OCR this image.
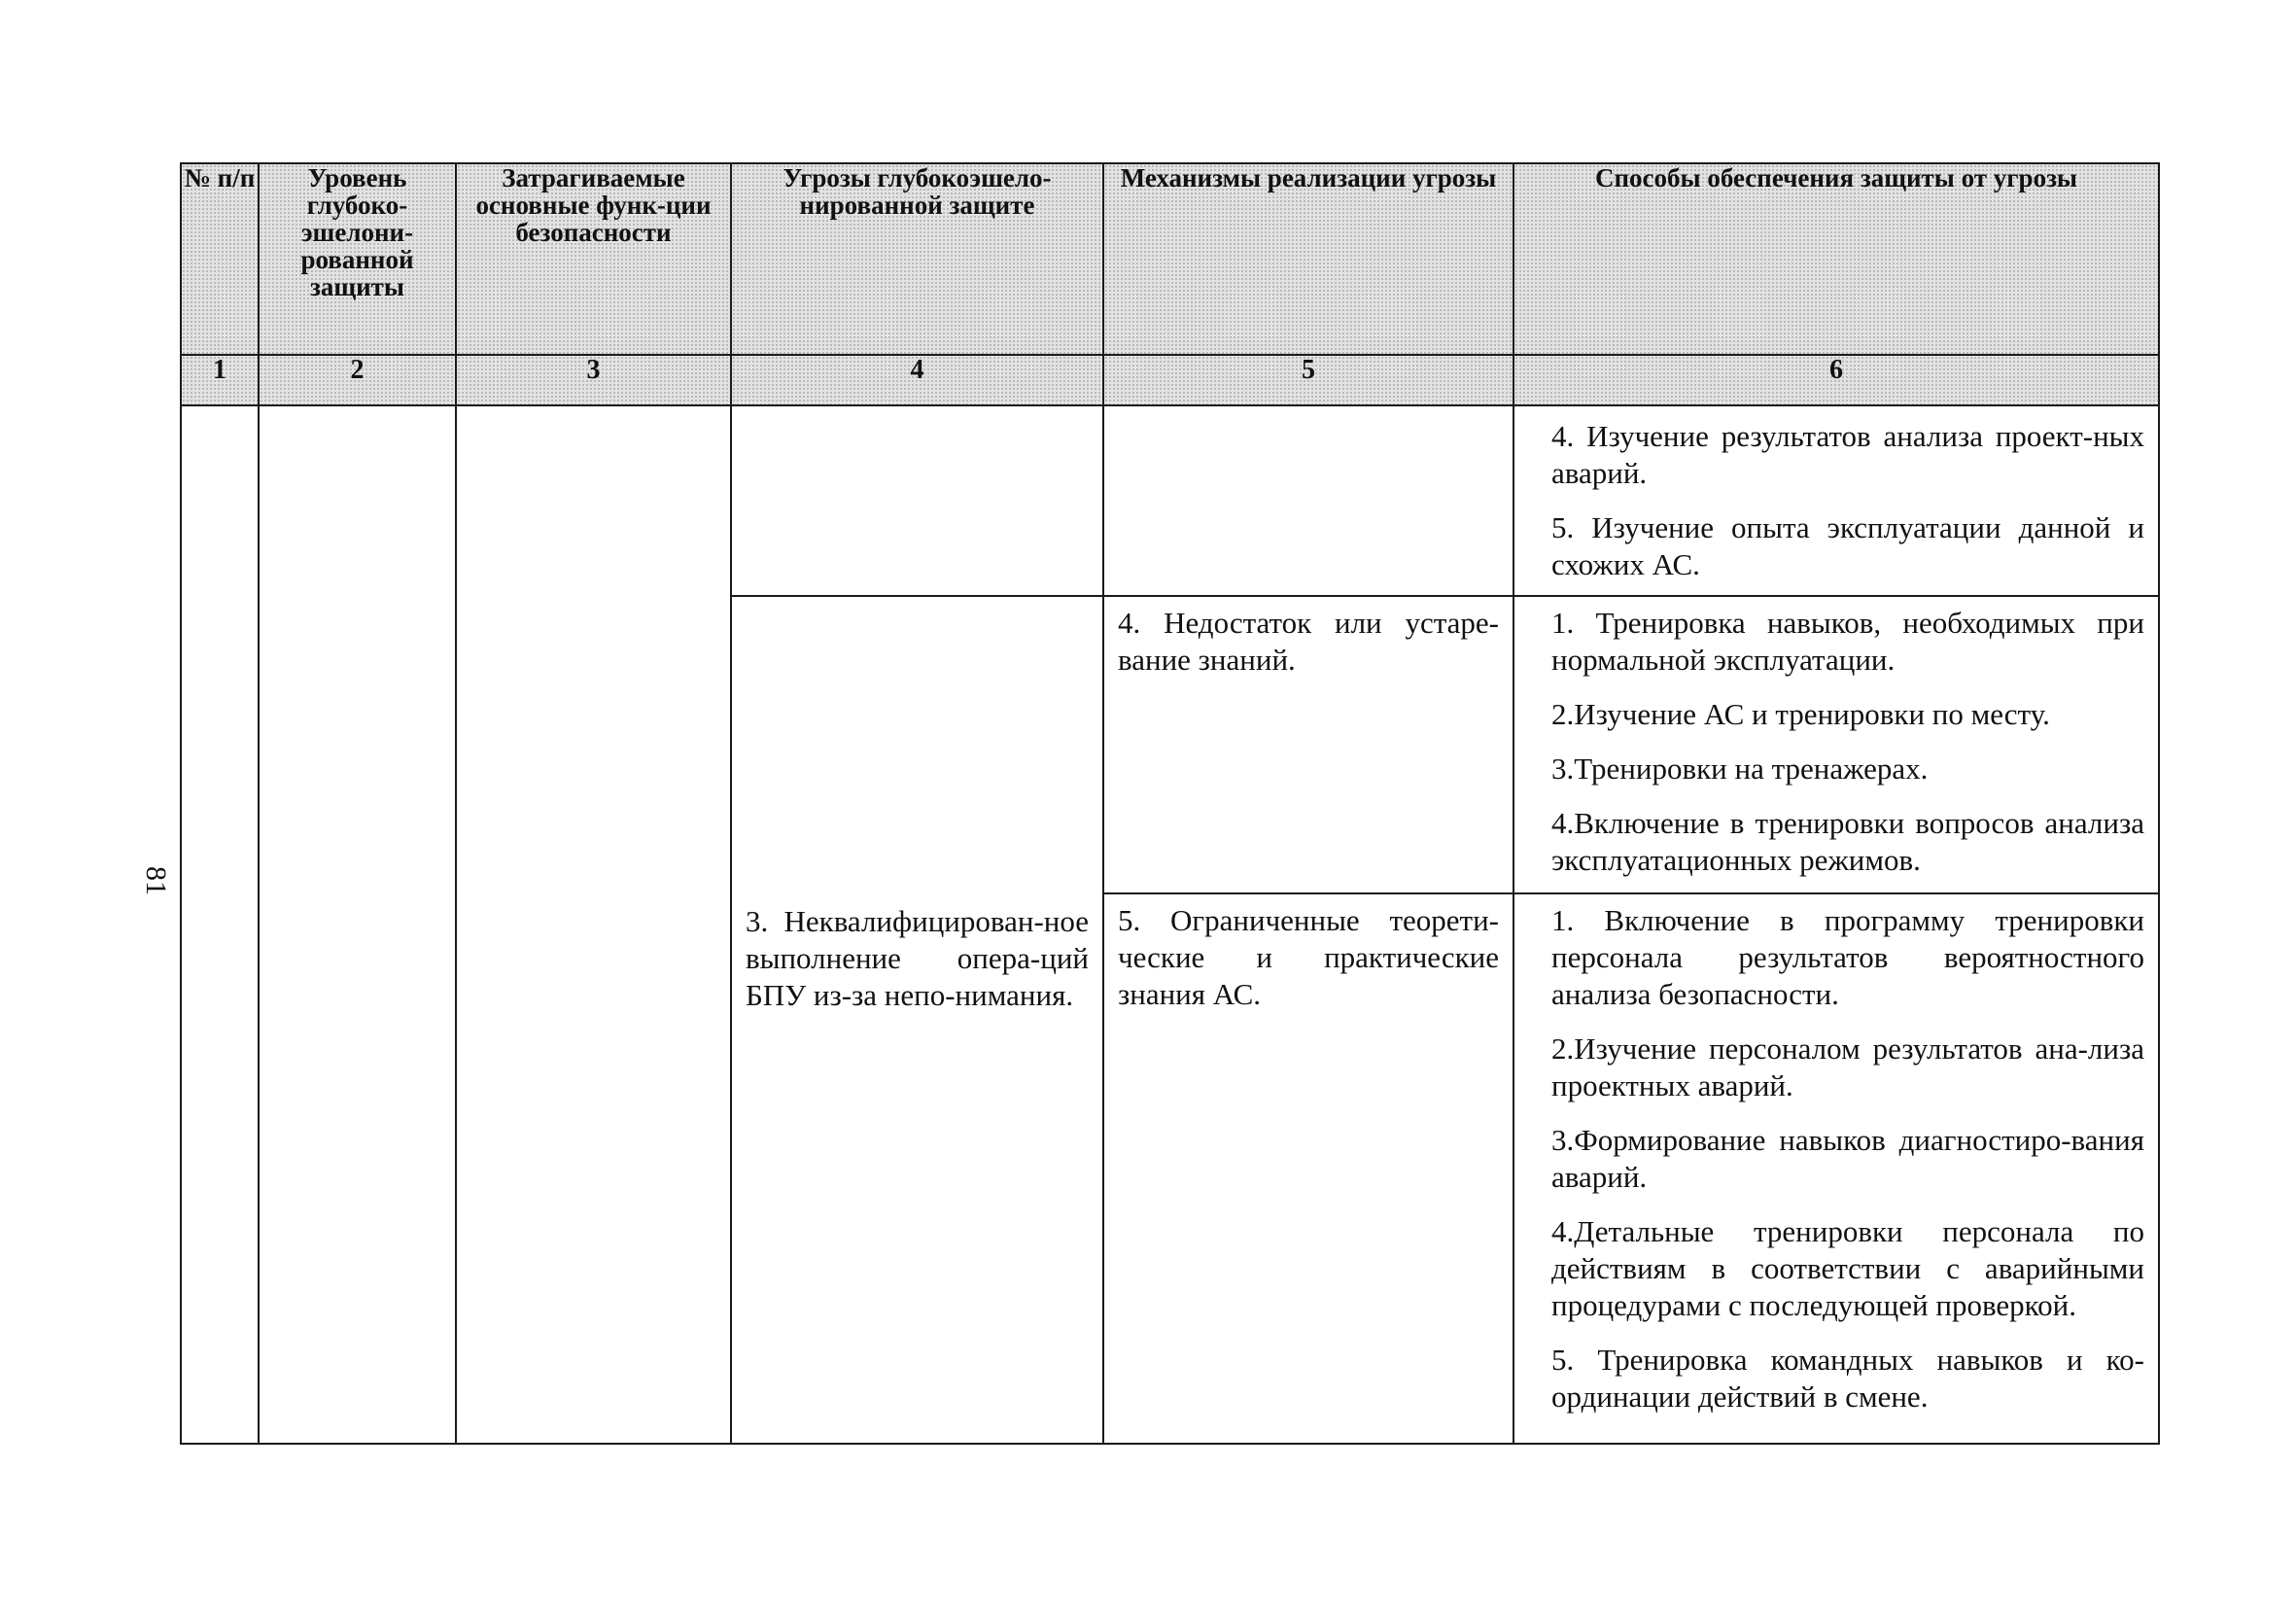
81
№ п/п	Уровень глубоко-эшелони-рованной защиты	Затрагиваемые основные функ-ции безопасности	Угрозы глубокоэшело-нированной защите	Механизмы реализации угрозы	Способы обеспечения защиты от угрозы
1	2	3	4	5	6

					4. Изучение результатов анализа проект-ных аварий.
5. Изучение опыта эксплуатации данной и схожих АС.

			3. Неквалифицирован-ное выполнение опера-ций БПУ из-за непо-нимания.	4. Недостаток или устаре-вание знаний.	1. Тренировка навыков, необходимых при нормальной эксплуатации.
2.Изучение АС и тренировки по месту.
3.Тренировки на тренажерах.
4.Включение в тренировки вопросов анализа эксплуатационных режимов.

				5. Ограниченные теорети-ческие и практические знания АС.	1. Включение в программу тренировки персонала результатов вероятностного анализа безопасности.
2.Изучение персоналом результатов ана-лиза проектных аварий.
3.Формирование навыков диагностиро-вания аварий.
4.Детальные тренировки персонала по действиям в соответствии с аварийными процедурами с последующей проверкой.
5. Тренировка командных навыков и ко-ординации действий в смене.
